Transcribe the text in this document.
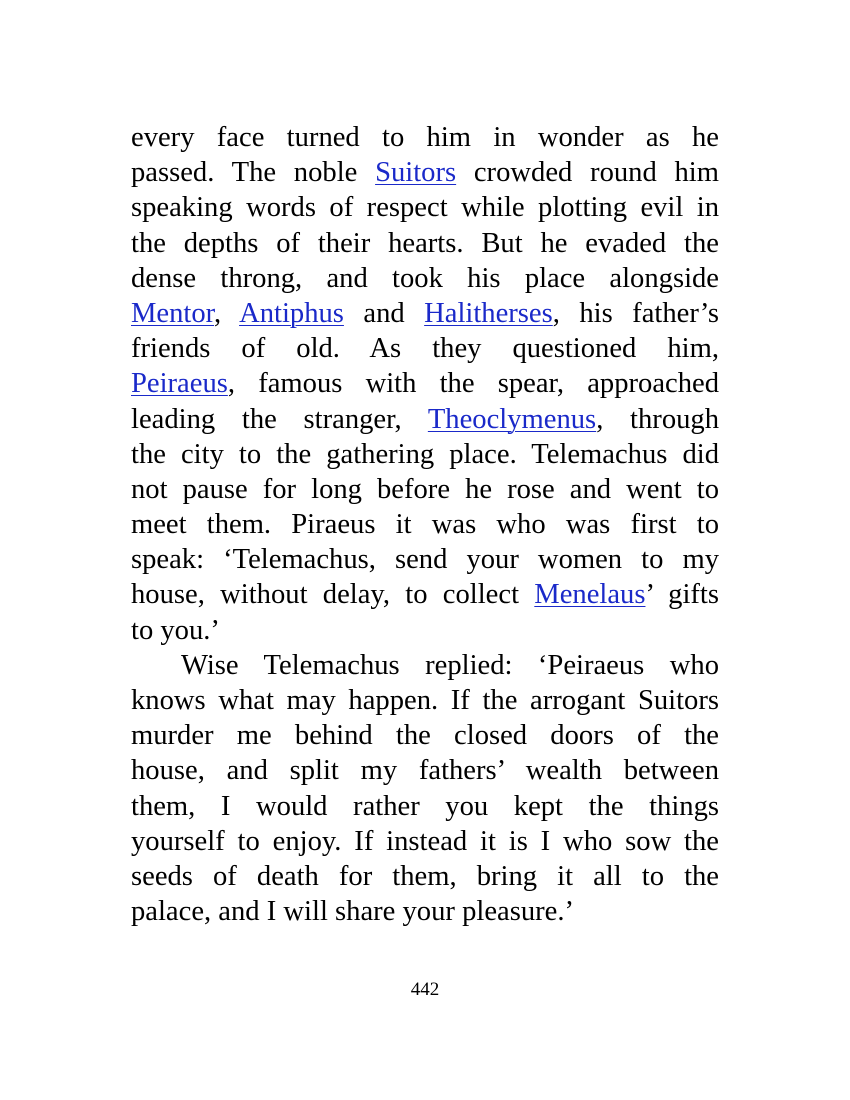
every face turned to him in wonder as he
passed. The noble Suitors crowded round him
speaking words of respect while plotting evil in
the depths of their hearts. But he evaded the
dense throng, and took his place alongside
Mentor, Antiphus and Halitherses, his father’s
friends of old. As they questioned him,
Peiraeus, famous with the spear, approached
leading the stranger, Theoclymenus, through
the city to the gathering place. Telemachus did
not pause for long before he rose and went to
meet them. Piraeus it was who was first to
speak: ‘Telemachus, send your women to my
house, without delay, to collect Menelaus’ gifts
to you.’
Wise Telemachus replied: ‘Peiraeus who
knows what may happen. If the arrogant Suitors
murder me behind the closed doors of the
house, and split my fathers’ wealth between
them, I would rather you kept the things
yourself to enjoy. If instead it is I who sow the
seeds of death for them, bring it all to the
palace, and I will share your pleasure.’
442
